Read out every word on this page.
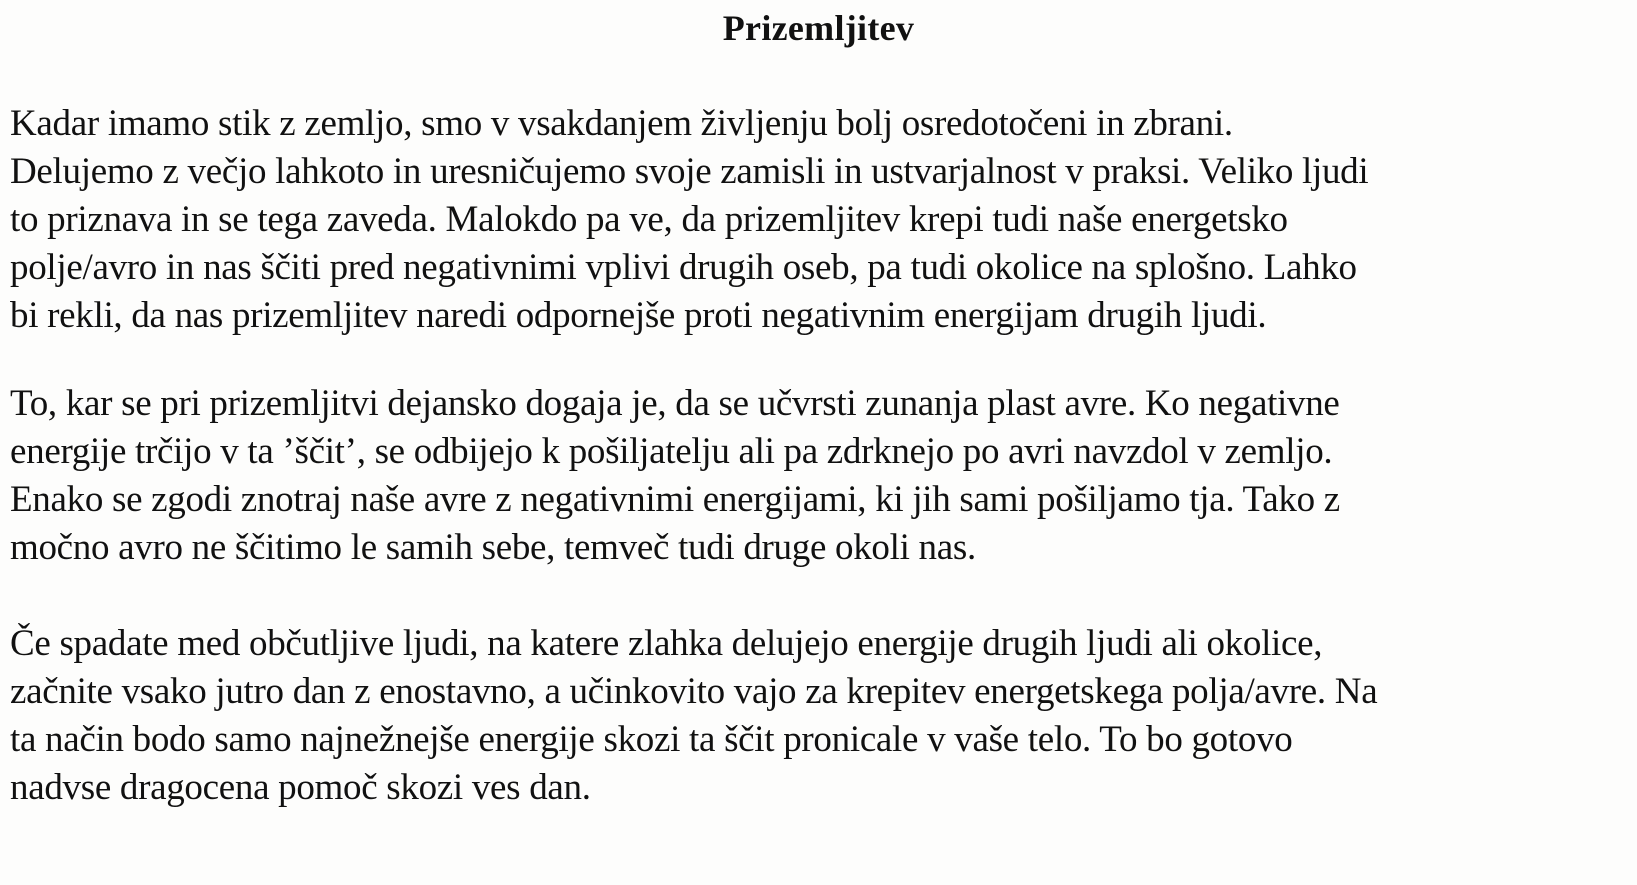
Prizemljitev
Kadar imamo stik z zemljo, smo v vsakdanjem življenju bolj osredotočeni in zbrani.
Delujemo z večjo lahkoto in uresničujemo svoje zamisli in ustvarjalnost v praksi. Veliko ljudi
to priznava in se tega zaveda. Malokdo pa ve, da prizemljitev krepi tudi naše energetsko
polje/avro in nas ščiti pred negativnimi vplivi drugih oseb, pa tudi okolice na splošno. Lahko
bi rekli, da nas prizemljitev naredi odpornejše proti negativnim energijam drugih ljudi.
To, kar se pri prizemljitvi dejansko dogaja je, da se učvrsti zunanja plast avre. Ko negativne
energije trčijo v ta ’ščit’, se odbijejo k pošiljatelju ali pa zdrknejo po avri navzdol v zemljo.
Enako se zgodi znotraj naše avre z negativnimi energijami, ki jih sami pošiljamo tja. Tako z
močno avro ne ščitimo le samih sebe, temveč tudi druge okoli nas.
Če spadate med občutljive ljudi, na katere zlahka delujejo energije drugih ljudi ali okolice,
začnite vsako jutro dan z enostavno, a učinkovito vajo za krepitev energetskega polja/avre. Na
ta način bodo samo najnežnejše energije skozi ta ščit pronicale v vaše telo. To bo gotovo
nadvse dragocena pomoč skozi ves dan.
